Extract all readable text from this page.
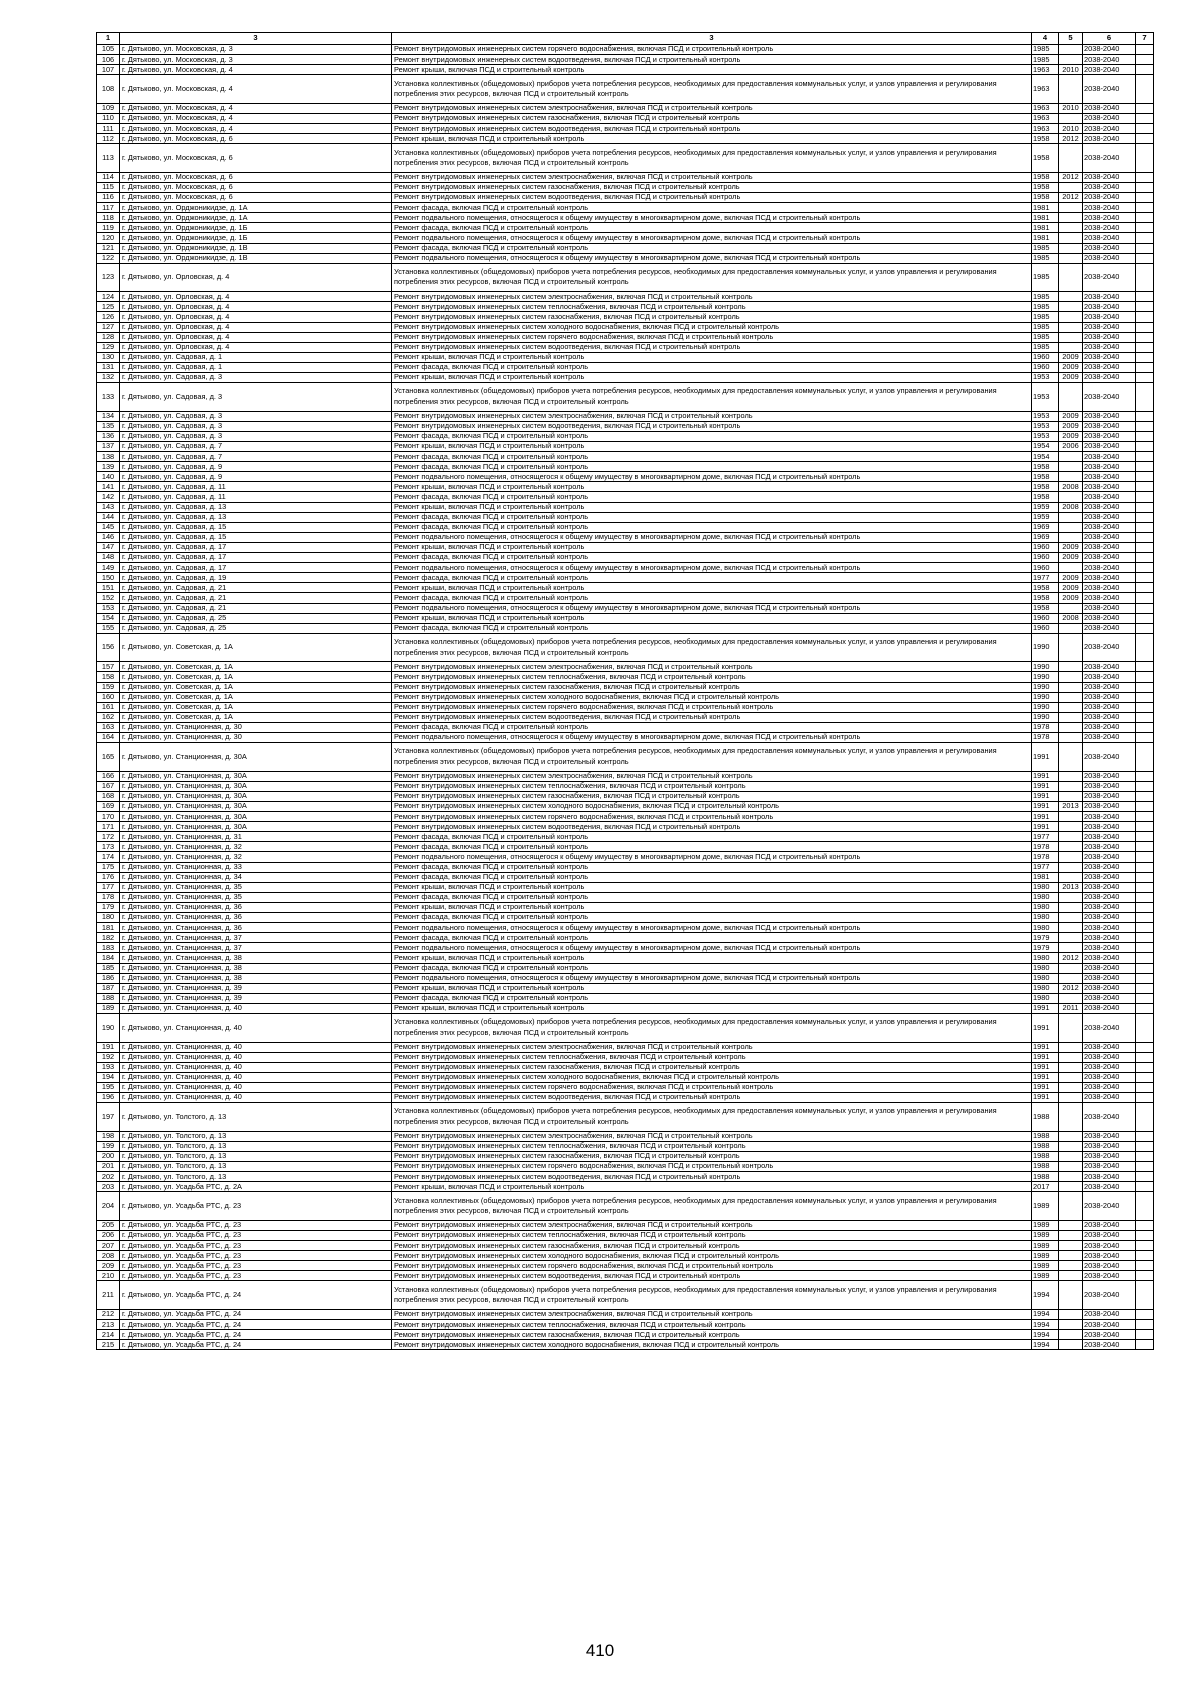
1	3	3	4	5	6	7
105	г. Дятьково, ул. Московская, д. 3	Ремонт внутридомовых инженерных систем горячего водоснабжения, включая ПСД и строительный контроль	1985		2038-2040	
106	г. Дятьково, ул. Московская, д. 3	Ремонт внутридомовых инженерных систем водоотведения, включая ПСД и строительный контроль	1985		2038-2040	
107	г. Дятьково, ул. Московская, д. 4	Ремонт крыши, включая ПСД и строительный контроль	1963	2010	2038-2040	
108	г. Дятьково, ул. Московская, д. 4	Установка коллективных (общедомовых) приборов учета потребления ресурсов, необходимых для предоставления коммунальных услуг, и узлов управления и регулирования потребления этих ресурсов, включая ПСД и строительный контроль	1963		2038-2040	
109	г. Дятьково, ул. Московская, д. 4	Ремонт внутридомовых инженерных систем электроснабжения, включая ПСД и строительный контроль	1963	2010	2038-2040	
110	г. Дятьково, ул. Московская, д. 4	Ремонт внутридомовых инженерных систем газоснабжения, включая ПСД и строительный контроль	1963		2038-2040	
111	г. Дятьково, ул. Московская, д. 4	Ремонт внутридомовых инженерных систем водоотведения, включая ПСД и строительный контроль	1963	2010	2038-2040	
112	г. Дятьково, ул. Московская, д. 6	Ремонт крыши, включая ПСД и строительный контроль	1958	2012	2038-2040	
113	г. Дятьково, ул. Московская, д. 6	Установка коллективных (общедомовых) приборов учета потребления ресурсов, необходимых для предоставления коммунальных услуг, и узлов управления и регулирования потребления этих ресурсов, включая ПСД и строительный контроль	1958		2038-2040	
114	г. Дятьково, ул. Московская, д. 6	Ремонт внутридомовых инженерных систем электроснабжения, включая ПСД и строительный контроль	1958	2012	2038-2040	
115	г. Дятьково, ул. Московская, д. 6	Ремонт внутридомовых инженерных систем газоснабжения, включая ПСД и строительный контроль	1958		2038-2040	
116	г. Дятьково, ул. Московская, д. 6	Ремонт внутридомовых инженерных систем водоотведения, включая ПСД и строительный контроль	1958	2012	2038-2040	
117	г. Дятьково, ул. Орджоникидзе, д. 1А	Ремонт фасада, включая ПСД и строительный контроль	1981		2038-2040	
118	г. Дятьково, ул. Орджоникидзе, д. 1А	Ремонт подвального помещения, относящегося к общему имуществу в многоквартирном доме, включая ПСД и строительный контроль	1981		2038-2040	
119	г. Дятьково, ул. Орджоникидзе, д. 1Б	Ремонт фасада, включая ПСД и строительный контроль	1981		2038-2040	
120	г. Дятьково, ул. Орджоникидзе, д. 1Б	Ремонт подвального помещения, относящегося к общему имуществу в многоквартирном доме, включая ПСД и строительный контроль	1981		2038-2040	
121	г. Дятьково, ул. Орджоникидзе, д. 1В	Ремонт фасада, включая ПСД и строительный контроль	1985		2038-2040	
122	г. Дятьково, ул. Орджоникидзе, д. 1В	Ремонт подвального помещения, относящегося к общему имуществу в многоквартирном доме, включая ПСД и строительный контроль	1985		2038-2040	
123	г. Дятьково, ул. Орловская, д. 4	Установка коллективных (общедомовых) приборов учета потребления ресурсов, необходимых для предоставления коммунальных услуг, и узлов управления и регулирования потребления этих ресурсов, включая ПСД и строительный контроль	1985		2038-2040	
124	г. Дятьково, ул. Орловская, д. 4	Ремонт внутридомовых инженерных систем электроснабжения, включая ПСД и строительный контроль	1985		2038-2040	
125	г. Дятьково, ул. Орловская, д. 4	Ремонт внутридомовых инженерных систем теплоснабжения, включая ПСД и строительный контроль	1985		2038-2040	
126	г. Дятьково, ул. Орловская, д. 4	Ремонт внутридомовых инженерных систем газоснабжения, включая ПСД и строительный контроль	1985		2038-2040	
127	г. Дятьково, ул. Орловская, д. 4	Ремонт внутридомовых инженерных систем холодного водоснабжения, включая ПСД и строительный контроль	1985		2038-2040	
128	г. Дятьково, ул. Орловская, д. 4	Ремонт внутридомовых инженерных систем горячего водоснабжения, включая ПСД и строительный контроль	1985		2038-2040	
129	г. Дятьково, ул. Орловская, д. 4	Ремонт внутридомовых инженерных систем водоотведения, включая ПСД и строительный контроль	1985		2038-2040	
130	г. Дятьково, ул. Садовая, д. 1	Ремонт крыши, включая ПСД и строительный контроль	1960	2009	2038-2040	
131	г. Дятьково, ул. Садовая, д. 1	Ремонт фасада, включая ПСД и строительный контроль	1960	2009	2038-2040	
132	г. Дятьково, ул. Садовая, д. 3	Ремонт крыши, включая ПСД и строительный контроль	1953	2009	2038-2040	
133	г. Дятьково, ул. Садовая, д. 3	Установка коллективных (общедомовых) приборов учета потребления ресурсов, необходимых для предоставления коммунальных услуг, и узлов управления и регулирования потребления этих ресурсов, включая ПСД и строительный контроль	1953		2038-2040	
134	г. Дятьково, ул. Садовая, д. 3	Ремонт внутридомовых инженерных систем электроснабжения, включая ПСД и строительный контроль	1953	2009	2038-2040	
135	г. Дятьково, ул. Садовая, д. 3	Ремонт внутридомовых инженерных систем водоотведения, включая ПСД и строительный контроль	1953	2009	2038-2040	
136	г. Дятьково, ул. Садовая, д. 3	Ремонт фасада, включая ПСД и строительный контроль	1953	2009	2038-2040	
137	г. Дятьково, ул. Садовая, д. 7	Ремонт крыши, включая ПСД и строительный контроль	1954	2006	2038-2040	
138	г. Дятьково, ул. Садовая, д. 7	Ремонт фасада, включая ПСД и строительный контроль	1954		2038-2040	
139	г. Дятьково, ул. Садовая, д. 9	Ремонт фасада, включая ПСД и строительный контроль	1958		2038-2040	
140	г. Дятьково, ул. Садовая, д. 9	Ремонт подвального помещения, относящегося к общему имуществу в многоквартирном доме, включая ПСД и строительный контроль	1958		2038-2040	
141	г. Дятьково, ул. Садовая, д. 11	Ремонт крыши, включая ПСД и строительный контроль	1958	2008	2038-2040	
142	г. Дятьково, ул. Садовая, д. 11	Ремонт фасада, включая ПСД и строительный контроль	1958		2038-2040	
143	г. Дятьково, ул. Садовая, д. 13	Ремонт крыши, включая ПСД и строительный контроль	1959	2008	2038-2040	
144	г. Дятьково, ул. Садовая, д. 13	Ремонт фасада, включая ПСД и строительный контроль	1959		2038-2040	
145	г. Дятьково, ул. Садовая, д. 15	Ремонт фасада, включая ПСД и строительный контроль	1969		2038-2040	
146	г. Дятьково, ул. Садовая, д. 15	Ремонт подвального помещения, относящегося к общему имуществу в многоквартирном доме, включая ПСД и строительный контроль	1969		2038-2040	
147	г. Дятьково, ул. Садовая, д. 17	Ремонт крыши, включая ПСД и строительный контроль	1960	2009	2038-2040	
148	г. Дятьково, ул. Садовая, д. 17	Ремонт фасада, включая ПСД и строительный контроль	1960	2009	2038-2040	
149	г. Дятьково, ул. Садовая, д. 17	Ремонт подвального помещения, относящегося к общему имуществу в многоквартирном доме, включая ПСД и строительный контроль	1960		2038-2040	
150	г. Дятьково, ул. Садовая, д. 19	Ремонт фасада, включая ПСД и строительный контроль	1977	2009	2038-2040	
151	г. Дятьково, ул. Садовая, д. 21	Ремонт крыши, включая ПСД и строительный контроль	1958	2009	2038-2040	
152	г. Дятьково, ул. Садовая, д. 21	Ремонт фасада, включая ПСД и строительный контроль	1958	2009	2038-2040	
153	г. Дятьково, ул. Садовая, д. 21	Ремонт подвального помещения, относящегося к общему имуществу в многоквартирном доме, включая ПСД и строительный контроль	1958		2038-2040	
154	г. Дятьково, ул. Садовая, д. 25	Ремонт крыши, включая ПСД и строительный контроль	1960	2008	2038-2040	
155	г. Дятьково, ул. Садовая, д. 25	Ремонт фасада, включая ПСД и строительный контроль	1960		2038-2040	
156	г. Дятьково, ул. Советская, д. 1А	Установка коллективных (общедомовых) приборов учета потребления ресурсов, необходимых для предоставления коммунальных услуг, и узлов управления и регулирования потребления этих ресурсов, включая ПСД и строительный контроль	1990		2038-2040	
157	г. Дятьково, ул. Советская, д. 1А	Ремонт внутридомовых инженерных систем электроснабжения, включая ПСД и строительный контроль	1990		2038-2040	
158	г. Дятьково, ул. Советская, д. 1А	Ремонт внутридомовых инженерных систем теплоснабжения, включая ПСД и строительный контроль	1990		2038-2040	
159	г. Дятьково, ул. Советская, д. 1А	Ремонт внутридомовых инженерных систем газоснабжения, включая ПСД и строительный контроль	1990		2038-2040	
160	г. Дятьково, ул. Советская, д. 1А	Ремонт внутридомовых инженерных систем холодного водоснабжения, включая ПСД и строительный контроль	1990		2038-2040	
161	г. Дятьково, ул. Советская, д. 1А	Ремонт внутридомовых инженерных систем горячего водоснабжения, включая ПСД и строительный контроль	1990		2038-2040	
162	г. Дятьково, ул. Советская, д. 1А	Ремонт внутридомовых инженерных систем водоотведения, включая ПСД и строительный контроль	1990		2038-2040	
163	г. Дятьково, ул. Станционная, д. 30	Ремонт фасада, включая ПСД и строительный контроль	1978		2038-2040	
164	г. Дятьково, ул. Станционная, д. 30	Ремонт подвального помещения, относящегося к общему имуществу в многоквартирном доме, включая ПСД и строительный контроль	1978		2038-2040	
165	г. Дятьково, ул. Станционная, д. 30А	Установка коллективных (общедомовых) приборов учета потребления ресурсов, необходимых для предоставления коммунальных услуг, и узлов управления и регулирования потребления этих ресурсов, включая ПСД и строительный контроль	1991		2038-2040	
166	г. Дятьково, ул. Станционная, д. 30А	Ремонт внутридомовых инженерных систем электроснабжения, включая ПСД и строительный контроль	1991		2038-2040	
167	г. Дятьково, ул. Станционная, д. 30А	Ремонт внутридомовых инженерных систем теплоснабжения, включая ПСД и строительный контроль	1991		2038-2040	
168	г. Дятьково, ул. Станционная, д. 30А	Ремонт внутридомовых инженерных систем газоснабжения, включая ПСД и строительный контроль	1991		2038-2040	
169	г. Дятьково, ул. Станционная, д. 30А	Ремонт внутридомовых инженерных систем холодного водоснабжения, включая ПСД и строительный контроль	1991	2013	2038-2040	
170	г. Дятьково, ул. Станционная, д. 30А	Ремонт внутридомовых инженерных систем горячего водоснабжения, включая ПСД и строительный контроль	1991		2038-2040	
171	г. Дятьково, ул. Станционная, д. 30А	Ремонт внутридомовых инженерных систем водоотведения, включая ПСД и строительный контроль	1991		2038-2040	
172	г. Дятьково, ул. Станционная, д. 31	Ремонт фасада, включая ПСД и строительный контроль	1977		2038-2040	
173	г. Дятьково, ул. Станционная, д. 32	Ремонт фасада, включая ПСД и строительный контроль	1978		2038-2040	
174	г. Дятьково, ул. Станционная, д. 32	Ремонт подвального помещения, относящегося к общему имуществу в многоквартирном доме, включая ПСД и строительный контроль	1978		2038-2040	
175	г. Дятьково, ул. Станционная, д. 33	Ремонт фасада, включая ПСД и строительный контроль	1977		2038-2040	
176	г. Дятьково, ул. Станционная, д. 34	Ремонт фасада, включая ПСД и строительный контроль	1981		2038-2040	
177	г. Дятьково, ул. Станционная, д. 35	Ремонт крыши, включая ПСД и строительный контроль	1980	2013	2038-2040	
178	г. Дятьково, ул. Станционная, д. 35	Ремонт фасада, включая ПСД и строительный контроль	1980		2038-2040	
179	г. Дятьково, ул. Станционная, д. 36	Ремонт крыши, включая ПСД и строительный контроль	1980		2038-2040	
180	г. Дятьково, ул. Станционная, д. 36	Ремонт фасада, включая ПСД и строительный контроль	1980		2038-2040	
181	г. Дятьково, ул. Станционная, д. 36	Ремонт подвального помещения, относящегося к общему имуществу в многоквартирном доме, включая ПСД и строительный контроль	1980		2038-2040	
182	г. Дятьково, ул. Станционная, д. 37	Ремонт фасада, включая ПСД и строительный контроль	1979		2038-2040	
183	г. Дятьково, ул. Станционная, д. 37	Ремонт подвального помещения, относящегося к общему имуществу в многоквартирном доме, включая ПСД и строительный контроль	1979		2038-2040	
184	г. Дятьково, ул. Станционная, д. 38	Ремонт крыши, включая ПСД и строительный контроль	1980	2012	2038-2040	
185	г. Дятьково, ул. Станционная, д. 38	Ремонт фасада, включая ПСД и строительный контроль	1980		2038-2040	
186	г. Дятьково, ул. Станционная, д. 38	Ремонт подвального помещения, относящегося к общему имуществу в многоквартирном доме, включая ПСД и строительный контроль	1980		2038-2040	
187	г. Дятьково, ул. Станционная, д. 39	Ремонт крыши, включая ПСД и строительный контроль	1980	2012	2038-2040	
188	г. Дятьково, ул. Станционная, д. 39	Ремонт фасада, включая ПСД и строительный контроль	1980		2038-2040	
189	г. Дятьково, ул. Станционная, д. 40	Ремонт крыши, включая ПСД и строительный контроль	1991	2011	2038-2040	
190	г. Дятьково, ул. Станционная, д. 40	Установка коллективных (общедомовых) приборов учета потребления ресурсов, необходимых для предоставления коммунальных услуг, и узлов управления и регулирования потребления этих ресурсов, включая ПСД и строительный контроль	1991		2038-2040	
191	г. Дятьково, ул. Станционная, д. 40	Ремонт внутридомовых инженерных систем электроснабжения, включая ПСД и строительный контроль	1991		2038-2040	
192	г. Дятьково, ул. Станционная, д. 40	Ремонт внутридомовых инженерных систем теплоснабжения, включая ПСД и строительный контроль	1991		2038-2040	
193	г. Дятьково, ул. Станционная, д. 40	Ремонт внутридомовых инженерных систем газоснабжения, включая ПСД и строительный контроль	1991		2038-2040	
194	г. Дятьково, ул. Станционная, д. 40	Ремонт внутридомовых инженерных систем холодного водоснабжения, включая ПСД и строительный контроль	1991		2038-2040	
195	г. Дятьково, ул. Станционная, д. 40	Ремонт внутридомовых инженерных систем горячего водоснабжения, включая ПСД и строительный контроль	1991		2038-2040	
196	г. Дятьково, ул. Станционная, д. 40	Ремонт внутридомовых инженерных систем водоотведения, включая ПСД и строительный контроль	1991		2038-2040	
197	г. Дятьково, ул. Толстого, д. 13	Установка коллективных (общедомовых) приборов учета потребления ресурсов, необходимых для предоставления коммунальных услуг, и узлов управления и регулирования потребления этих ресурсов, включая ПСД и строительный контроль	1988		2038-2040	
198	г. Дятьково, ул. Толстого, д. 13	Ремонт внутридомовых инженерных систем электроснабжения, включая ПСД и строительный контроль	1988		2038-2040	
199	г. Дятьково, ул. Толстого, д. 13	Ремонт внутридомовых инженерных систем теплоснабжения, включая ПСД и строительный контроль	1988		2038-2040	
200	г. Дятьково, ул. Толстого, д. 13	Ремонт внутридомовых инженерных систем газоснабжения, включая ПСД и строительный контроль	1988		2038-2040	
201	г. Дятьково, ул. Толстого, д. 13	Ремонт внутридомовых инженерных систем горячего водоснабжения, включая ПСД и строительный контроль	1988		2038-2040	
202	г. Дятьково, ул. Толстого, д. 13	Ремонт внутридомовых инженерных систем водоотведения, включая ПСД и строительный контроль	1988		2038-2040	
203	г. Дятьково, ул. Усадьба РТС, д. 2А	Ремонт крыши, включая ПСД и строительный контроль	2017		2038-2040	
204	г. Дятьково, ул. Усадьба РТС, д. 23	Установка коллективных (общедомовых) приборов учета потребления ресурсов, необходимых для предоставления коммунальных услуг, и узлов управления и регулирования потребления этих ресурсов, включая ПСД и строительный контроль	1989		2038-2040	
205	г. Дятьково, ул. Усадьба РТС, д. 23	Ремонт внутридомовых инженерных систем электроснабжения, включая ПСД и строительный контроль	1989		2038-2040	
206	г. Дятьково, ул. Усадьба РТС, д. 23	Ремонт внутридомовых инженерных систем теплоснабжения, включая ПСД и строительный контроль	1989		2038-2040	
207	г. Дятьково, ул. Усадьба РТС, д. 23	Ремонт внутридомовых инженерных систем газоснабжения, включая ПСД и строительный контроль	1989		2038-2040	
208	г. Дятьково, ул. Усадьба РТС, д. 23	Ремонт внутридомовых инженерных систем холодного водоснабжения, включая ПСД и строительный контроль	1989		2038-2040	
209	г. Дятьково, ул. Усадьба РТС, д. 23	Ремонт внутридомовых инженерных систем горячего водоснабжения, включая ПСД и строительный контроль	1989		2038-2040	
210	г. Дятьково, ул. Усадьба РТС, д. 23	Ремонт внутридомовых инженерных систем водоотведения, включая ПСД и строительный контроль	1989		2038-2040	
211	г. Дятьково, ул. Усадьба РТС, д. 24	Установка коллективных (общедомовых) приборов учета потребления ресурсов, необходимых для предоставления коммунальных услуг, и узлов управления и регулирования потребления этих ресурсов, включая ПСД и строительный контроль	1994		2038-2040	
212	г. Дятьково, ул. Усадьба РТС, д. 24	Ремонт внутридомовых инженерных систем электроснабжения, включая ПСД и строительный контроль	1994		2038-2040	
213	г. Дятьково, ул. Усадьба РТС, д. 24	Ремонт внутридомовых инженерных систем теплоснабжения, включая ПСД и строительный контроль	1994		2038-2040	
214	г. Дятьково, ул. Усадьба РТС, д. 24	Ремонт внутридомовых инженерных систем газоснабжения, включая ПСД и строительный контроль	1994		2038-2040	
215	г. Дятьково, ул. Усадьба РТС, д. 24	Ремонт внутридомовых инженерных систем холодного водоснабжения, включая ПСД и строительный контроль	1994		2038-2040	
410
